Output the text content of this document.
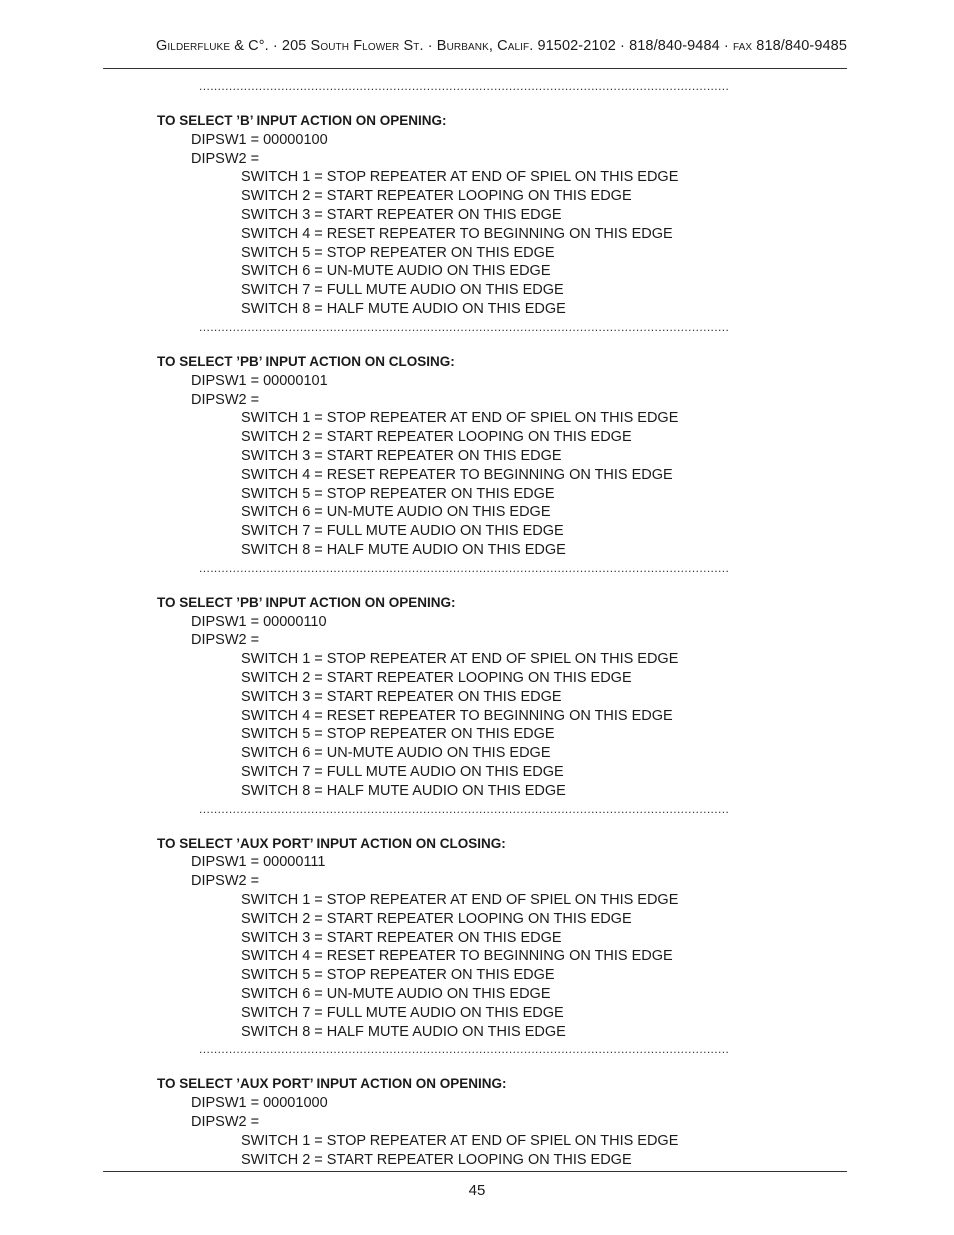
Gilderfluke & C°. · 205 South Flower St. · Burbank, Calif. 91502-2102 · 818/840-9484 · fax 818/840-9485
..............................................................................................................................................
TO SELECT ’B’ INPUT ACTION ON OPENING:
DIPSW1 = 00000100
DIPSW2 =
SWITCH 1 = STOP REPEATER AT END OF SPIEL ON THIS EDGE
SWITCH 2 = START REPEATER LOOPING ON THIS EDGE
SWITCH 3 = START REPEATER ON THIS EDGE
SWITCH 4 = RESET REPEATER TO BEGINNING ON THIS EDGE
SWITCH 5 = STOP REPEATER ON THIS EDGE
SWITCH 6 = UN-MUTE AUDIO ON THIS EDGE
SWITCH 7 = FULL MUTE AUDIO ON THIS EDGE
SWITCH 8 = HALF MUTE AUDIO ON THIS EDGE
..............................................................................................................................................
TO SELECT ’PB’ INPUT ACTION ON CLOSING:
DIPSW1 = 00000101
DIPSW2 =
SWITCH 1 = STOP REPEATER AT END OF SPIEL ON THIS EDGE
SWITCH 2 = START REPEATER LOOPING ON THIS EDGE
SWITCH 3 = START REPEATER ON THIS EDGE
SWITCH 4 = RESET REPEATER TO BEGINNING ON THIS EDGE
SWITCH 5 = STOP REPEATER ON THIS EDGE
SWITCH 6 = UN-MUTE AUDIO ON THIS EDGE
SWITCH 7 = FULL MUTE AUDIO ON THIS EDGE
SWITCH 8 = HALF MUTE AUDIO ON THIS EDGE
..............................................................................................................................................
TO SELECT ’PB’ INPUT ACTION ON OPENING:
DIPSW1 = 00000110
DIPSW2 =
SWITCH 1 = STOP REPEATER AT END OF SPIEL ON THIS EDGE
SWITCH 2 = START REPEATER LOOPING ON THIS EDGE
SWITCH 3 = START REPEATER ON THIS EDGE
SWITCH 4 = RESET REPEATER TO BEGINNING ON THIS EDGE
SWITCH 5 = STOP REPEATER ON THIS EDGE
SWITCH 6 = UN-MUTE AUDIO ON THIS EDGE
SWITCH 7 = FULL MUTE AUDIO ON THIS EDGE
SWITCH 8 = HALF MUTE AUDIO ON THIS EDGE
..............................................................................................................................................
TO SELECT ’AUX PORT’ INPUT ACTION ON CLOSING:
DIPSW1 = 00000111
DIPSW2 =
SWITCH 1 = STOP REPEATER AT END OF SPIEL ON THIS EDGE
SWITCH 2 = START REPEATER LOOPING ON THIS EDGE
SWITCH 3 = START REPEATER ON THIS EDGE
SWITCH 4 = RESET REPEATER TO BEGINNING ON THIS EDGE
SWITCH 5 = STOP REPEATER ON THIS EDGE
SWITCH 6 = UN-MUTE AUDIO ON THIS EDGE
SWITCH 7 = FULL MUTE AUDIO ON THIS EDGE
SWITCH 8 = HALF MUTE AUDIO ON THIS EDGE
..............................................................................................................................................
TO SELECT ’AUX PORT’ INPUT ACTION ON OPENING:
DIPSW1 = 00001000
DIPSW2 =
SWITCH 1 = STOP REPEATER AT END OF SPIEL ON THIS EDGE
SWITCH 2 = START REPEATER LOOPING ON THIS EDGE
45
